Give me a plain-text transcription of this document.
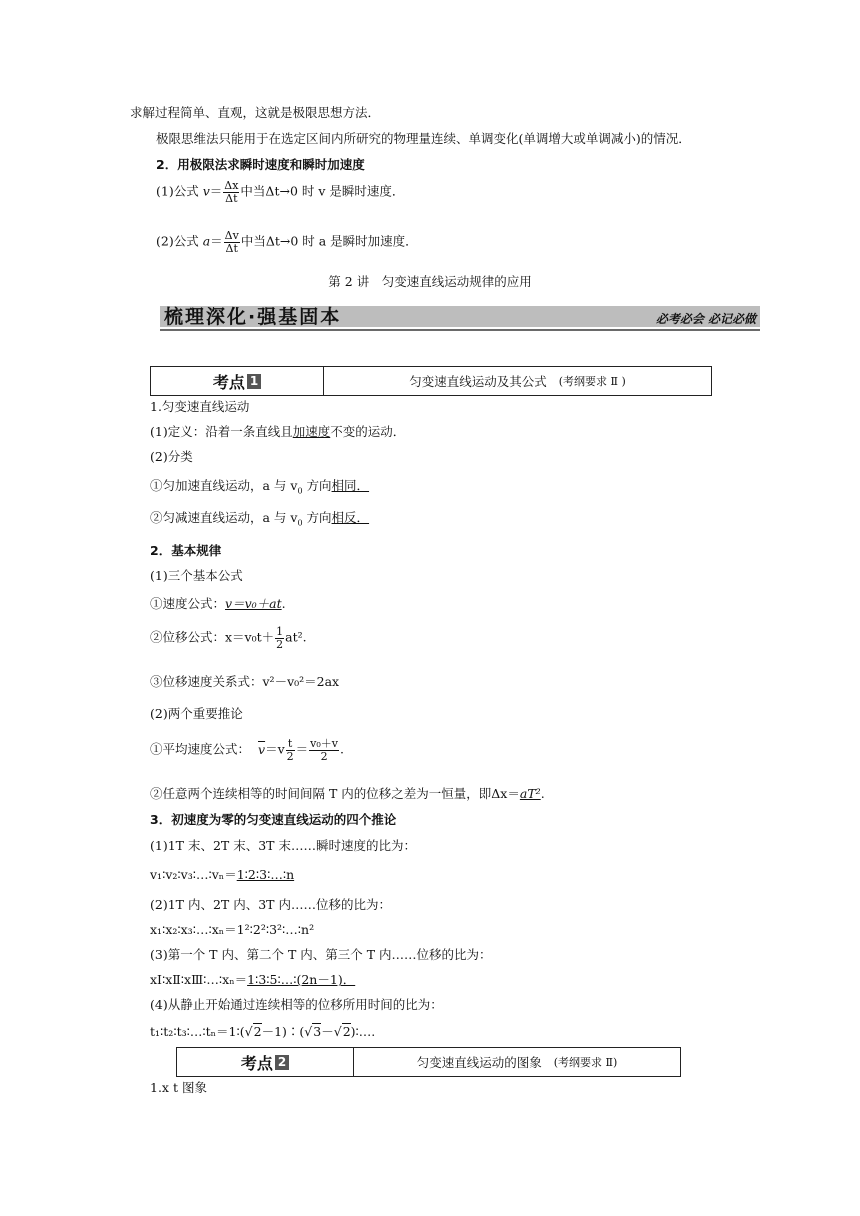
求解过程简单、直观，这就是极限思想方法．
极限思维法只能用于在选定区间内所研究的物理量连续、单调变化(单调增大或单调减小)的情况．
2．用极限法求瞬时速度和瞬时加速度
(1)公式 $v= \frac{\Delta x}{\Delta t}$ 中当Δt→0 时 v 是瞬时速度．
(2)公式 $a= \frac{\Delta v}{\Delta t}$ 中当Δt→0 时 a 是瞬时加速度．
第 2 讲　匀变速直线运动规律的应用
梳理深化·强基固本	必考必会 必记必做
考点 1	匀变速直线运动及其公式 (考纲要求 Ⅱ )
1.匀变速直线运动
(1)定义：沿着一条直线且加速度不变的运动．
(2)分类
①匀加速直线运动，a 与 $v_0$ 方向相同．
②匀减速直线运动，a 与 $v_0$ 方向相反．
2．基本规律
(1)三个基本公式
①速度公式：v＝v₀＋at.
②位移公式：$x=v_0t+ \frac{1}{2} at^2$.
③位移速度关系式：v²－v₀²＝2ax
(2)两个重要推论
①平均速度公式： $\overline{v}=v \frac{t}{2} = \frac{\text{v₀＋v}}{2}$ .
②任意两个连续相等的时间间隔 T 内的位移之差为一恒量，即Δx＝aT².
3．初速度为零的匀变速直线运动的四个推论
(1)1T 末、2T 末、3T 末……瞬时速度的比为：
v₁∶v₂∶v₃∶…∶vₙ＝1∶2∶3∶…∶n
(2)1T 内、2T 内、3T 内……位移的比为：
x₁∶x₂∶x₃∶…∶xₙ＝1²∶2²∶3²∶…∶n²
(3)第一个 T 内、第二个 T 内、第三个 T 内……位移的比为：
xⅠ∶xⅡ∶xⅢ∶…∶xₙ＝1∶3∶5∶…∶(2n－1)．
(4)从静止开始通过连续相等的位移所用时间的比为：
t₁∶t₂∶t₃∶…∶tₙ＝1∶(√2－1)∶(√3－√2)∶….
考点 2	匀变速直线运动的图象 (考纲要求 Ⅱ)
1.x t 图象
